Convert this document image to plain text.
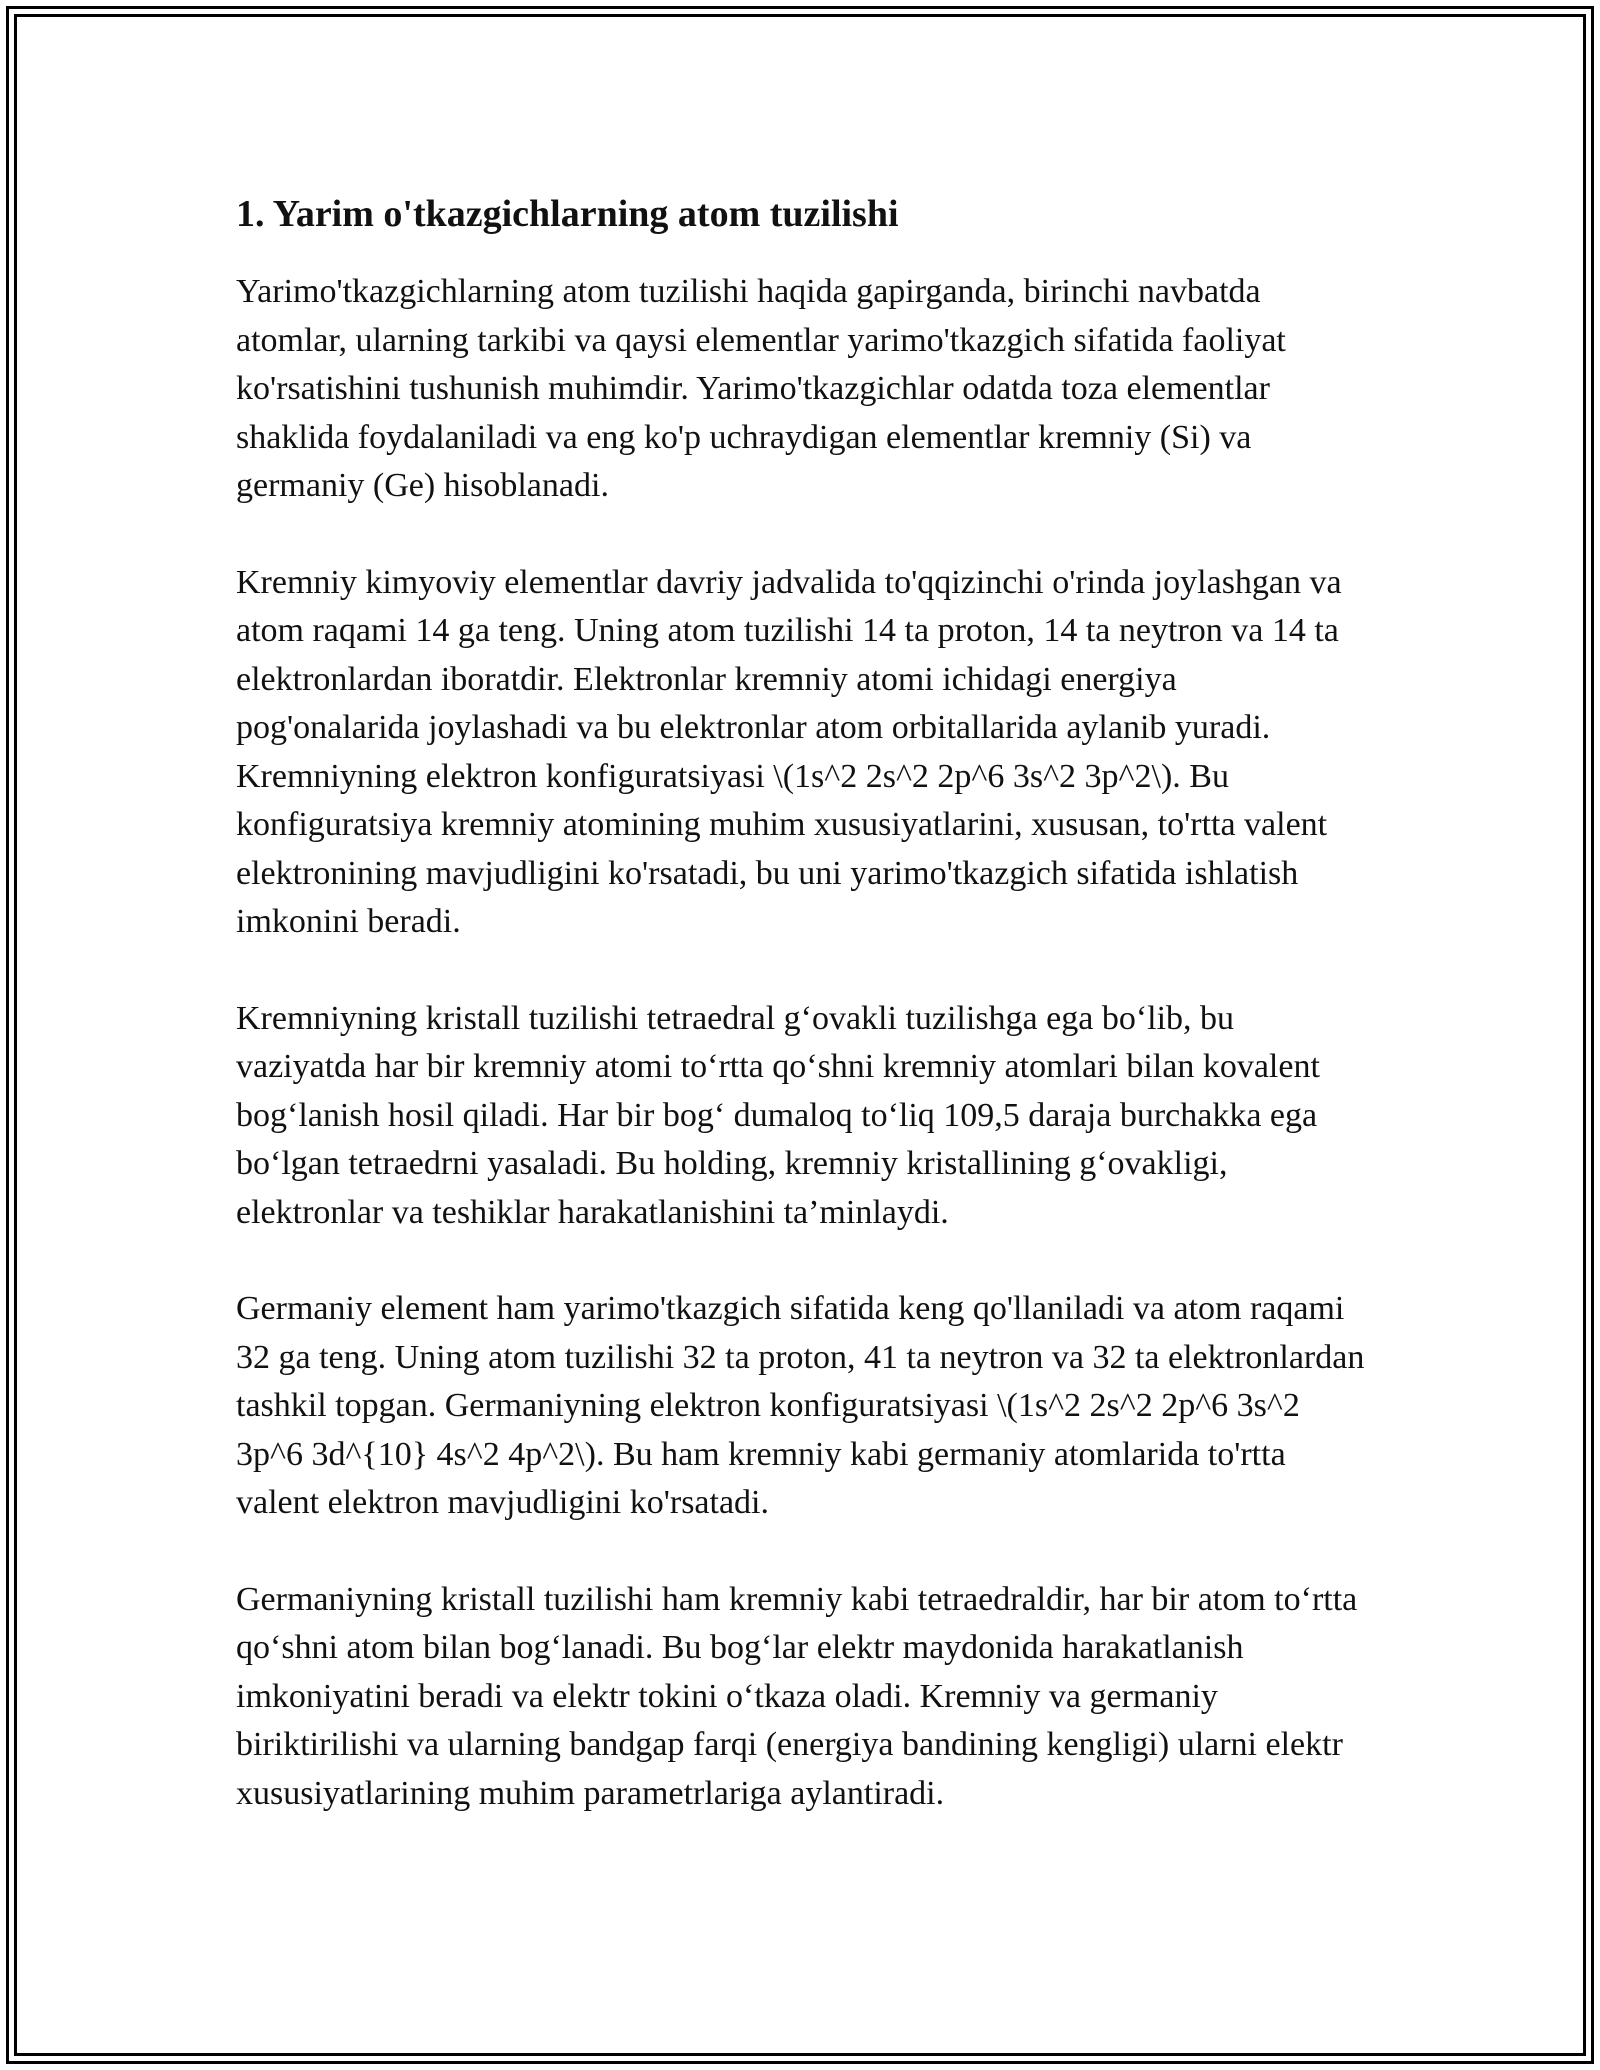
1. Yarim o'tkazgichlarning atom tuzilishi

Yarimo'tkazgichlarning atom tuzilishi haqida gapirganda, birinchi navbatda atomlar, ularning tarkibi va qaysi elementlar yarimo'tkazgich sifatida faoliyat ko'rsatishini tushunish muhimdir. Yarimo'tkazgichlar odatda toza elementlar shaklida foydalaniladi va eng ko'p uchraydigan elementlar kremniy (Si) va germaniy (Ge) hisoblanadi.

Kremniy kimyoviy elementlar davriy jadvalida to'qqizinchi o'rinda joylashgan va atom raqami 14 ga teng. Uning atom tuzilishi 14 ta proton, 14 ta neytron va 14 ta elektronlardan iboratdir. Elektronlar kremniy atomi ichidagi energiya pog'onalarida joylashadi va bu elektronlar atom orbitallarida aylanib yuradi. Kremniyning elektron konfiguratsiyasi \(1s^2 2s^2 2p^6 3s^2 3p^2\). Bu konfiguratsiya kremniy atomining muhim xususiyatlarini, xususan, to'rtta valent elektronining mavjudligini ko'rsatadi, bu uni yarimo'tkazgich sifatida ishlatish imkonini beradi.

Kremniyning kristall tuzilishi tetraedral g‘ovakli tuzilishga ega bo‘lib, bu vaziyatda har bir kremniy atomi to‘rtta qo‘shni kremniy atomlari bilan kovalent bog‘lanish hosil qiladi. Har bir bog‘ dumaloq to‘liq 109,5 daraja burchakka ega bo‘lgan tetraedrni yasaladi. Bu holding, kremniy kristallining g‘ovakligi, elektronlar va teshiklar harakatlanishini ta’minlaydi.

Germaniy element ham yarimo'tkazgich sifatida keng qo'llaniladi va atom raqami 32 ga teng. Uning atom tuzilishi 32 ta proton, 41 ta neytron va 32 ta elektronlardan tashkil topgan. Germaniyning elektron konfiguratsiyasi \(1s^2 2s^2 2p^6 3s^2 3p^6 3d^{10} 4s^2 4p^2\). Bu ham kremniy kabi germaniy atomlarida to'rtta valent elektron mavjudligini ko'rsatadi.

Germaniyning kristall tuzilishi ham kremniy kabi tetraedraldir, har bir atom to‘rtta qo‘shni atom bilan bog‘lanadi. Bu bog‘lar elektr maydonida harakatlanish imkoniyatini beradi va elektr tokini o‘tkaza oladi. Kremniy va germaniy biriktirilishi va ularning bandgap farqi (energiya bandining kengligi) ularni elektr xususiyatlarining muhim parametrlariga aylantiradi.
